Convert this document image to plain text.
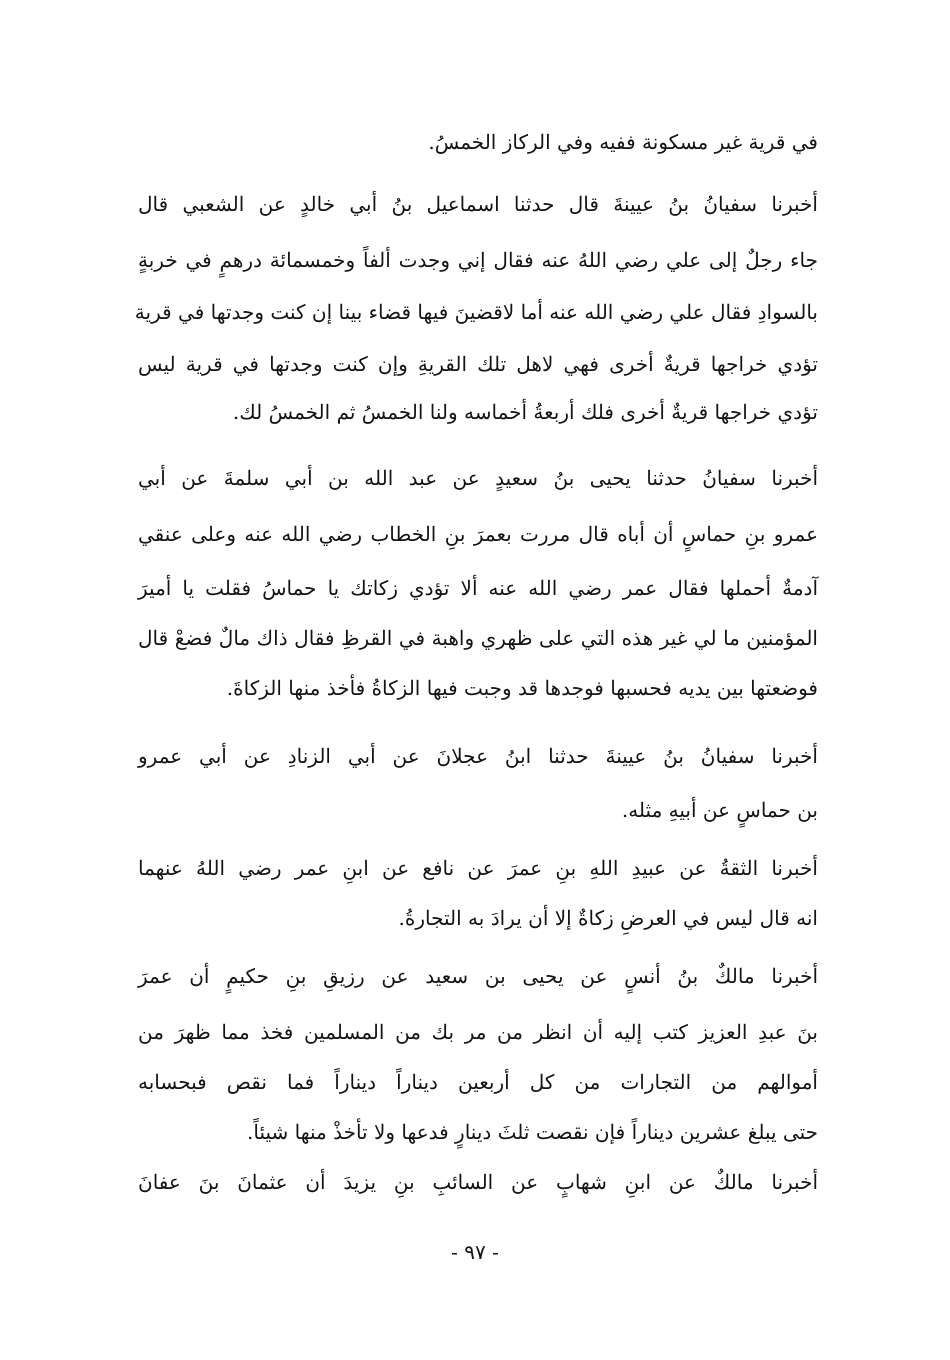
في قرية غير مسكونة ففيه وفي الركاز الخمسُ.
أخبرنا سفيانُ بنُ عيينةَ قال حدثنا اسماعيل بنُ أبي خالدٍ عن الشعبي قال
جاء رجلٌ إلى علي رضي اللهُ عنه فقال إني وجدت ألفاً وخمسمائة درهمٍ في خربةٍ
بالسوادِ فقال علي رضي الله عنه أما لاقضينَ فيها قضاء بينا إن كنت وجدتها في قرية
تؤدي خراجها قريةٌ أخرى فهي لاهل تلك القريةِ وإن كنت وجدتها في قرية ليس
تؤدي خراجها قريةٌ أخرى فلك أربعةُ أخماسه ولنا الخمسُ ثم الخمسُ لك.
أخبرنا سفيانُ حدثنا يحيى بنُ سعيدٍ عن عبد الله بن أبي سلمةَ عن أبي
عمرو بنِ حماسٍ أن أباه قال مررت بعمرَ بنِ الخطاب رضي الله عنه وعلى عنقي
آدمةٌ أحملها فقال عمر رضي الله عنه ألا تؤدي زكاتك يا حماسُ فقلت يا أميرَ
المؤمنين ما لي غير هذه التي على ظهري واهبة في القرظِ فقال ذاك مالٌ فضعْ قال
فوضعتها بين يديه فحسبها فوجدها قد وجبت فيها الزكاةُ فأخذ منها الزكاةَ.
أخبرنا سفيانُ بنُ عيينةَ حدثنا ابنُ عجلانَ عن أبي الزنادِ عن أبي عمرو
بن حماسٍ عن أبيهِ مثله.
أخبرنا الثقةُ عن عبيدِ اللهِ بنِ عمرَ عن نافع عن ابنِ عمر رضي اللهُ عنهما
انه قال ليس في العرضِ زكاةٌ إلا أن يرادَ به التجارةُ.
أخبرنا مالكٌ بنُ أنسٍ عن يحيى بن سعيد عن رزيقِ بنِ حكيمٍ أن عمرَ
بنَ عبدِ العزيز كتب إليه أن انظر من مر بك من المسلمين فخذ مما ظهرَ من
أموالهم من التجارات من كل أربعين ديناراً ديناراً فما نقص فبحسابه
حتى يبلغ عشرين ديناراً فإن نقصت ثلثَ دينارٍ فدعها ولا تأخذْ منها شيئاً.
أخبرنا مالكٌ عن ابنِ شهابٍ عن السائبِ بنِ يزيدَ أن عثمانَ بنَ عفانَ
- ٩٧ -
